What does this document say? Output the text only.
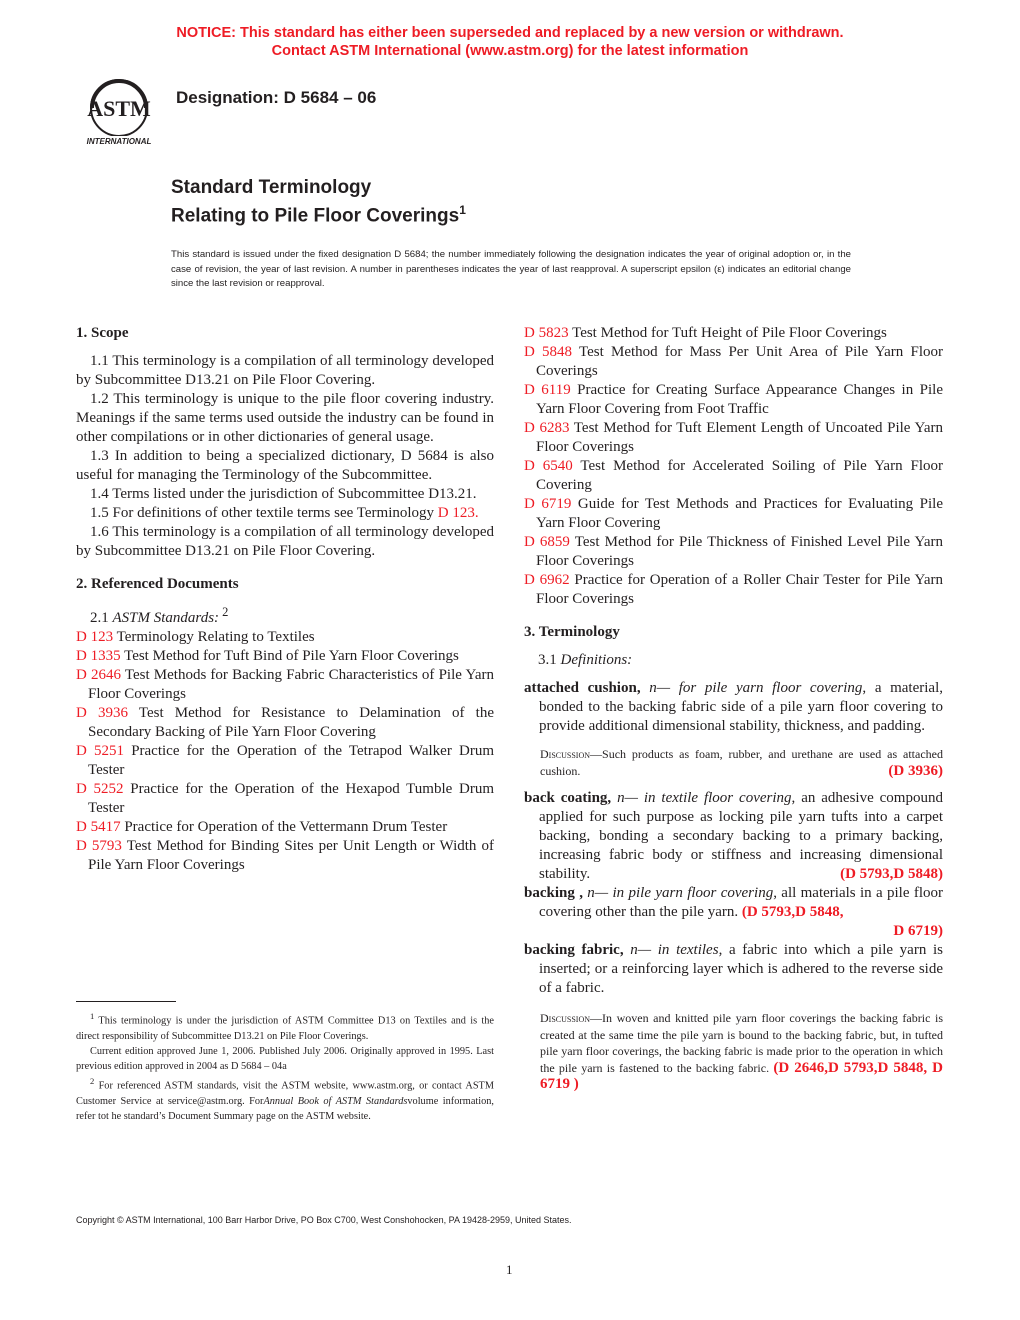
NOTICE: This standard has either been superseded and replaced by a new version or withdrawn.
Contact ASTM International (www.astm.org) for the latest information
ASTM
INTERNATIONAL
Designation: D 5684 – 06
Standard Terminology
Relating to Pile Floor Coverings$^1$
This standard is issued under the fixed designation D 5684; the number immediately following the designation indicates the year of original adoption or, in the case of revision, the year of last revision. A number in parentheses indicates the year of last reapproval. A superscript epsilon (ε) indicates an editorial change since the last revision or reapproval.
1. Scope

1.1 This terminology is a compilation of all terminology developed by Subcommittee D13.21 on Pile Floor Covering.

1.2 This terminology is unique to the pile floor covering industry. Meanings if the same terms used outside the industry can be found in other compilations or in other dictionaries of general usage.

1.3 In addition to being a specialized dictionary, D 5684 is also useful for managing the Terminology of the Subcommittee.

1.4 Terms listed under the jurisdiction of Subcommittee D13.21.

1.5 For definitions of other textile terms see Terminology D 123.

1.6 This terminology is a compilation of all terminology developed by Subcommittee D13.21 on Pile Floor Covering.

2. Referenced Documents

2.1 ASTM Standards: $^2$

D 123 Terminology Relating to Textiles

D 1335 Test Method for Tuft Bind of Pile Yarn Floor Coverings

D 2646 Test Methods for Backing Fabric Characteristics of Pile Yarn Floor Coverings

D 3936 Test Method for Resistance to Delamination of the Secondary Backing of Pile Yarn Floor Covering

D 5251 Practice for the Operation of the Tetrapod Walker Drum Tester

D 5252 Practice for the Operation of the Hexapod Tumble Drum Tester

D 5417 Practice for Operation of the Vettermann Drum Tester

D 5793 Test Method for Binding Sites per Unit Length or Width of Pile Yarn Floor Coverings

D 5823 Test Method for Tuft Height of Pile Floor Coverings

D 5848 Test Method for Mass Per Unit Area of Pile Yarn Floor Coverings

D 6119 Practice for Creating Surface Appearance Changes in Pile Yarn Floor Covering from Foot Traffic

D 6283 Test Method for Tuft Element Length of Uncoated Pile Yarn Floor Coverings

D 6540 Test Method for Accelerated Soiling of Pile Yarn Floor Covering

D 6719 Guide for Test Methods and Practices for Evaluating Pile Yarn Floor Covering

D 6859 Test Method for Pile Thickness of Finished Level Pile Yarn Floor Coverings

D 6962 Practice for Operation of a Roller Chair Tester for Pile Yarn Floor Coverings

3. Terminology

3.1 Definitions:

attached cushion, n— for pile yarn floor covering, a material, bonded to the backing fabric side of a pile yarn floor covering to provide additional dimensional stability, thickness, and padding.

Discussion—Such products as foam, rubber, and urethane are used as attached cushion.	(D 3936)

back coating, n— in textile floor covering, an adhesive compound applied for such purpose as locking pile yarn tufts into a carpet backing, bonding a secondary backing to a primary backing, increasing fabric body or stiffness and increasing dimensional stability.	(D 5793,D 5848)

backing , n— in pile yarn floor covering, all materials in a pile floor covering other than the pile yarn. (D 5793,D 5848,

D 6719)

backing fabric, n— in textiles, a fabric into which a pile yarn is inserted; or a reinforcing layer which is adhered to the reverse side of a fabric.

Discussion—In woven and knitted pile yarn floor coverings the backing fabric is created at the same time the pile yarn is bound to the backing fabric, but, in tufted pile yarn floor coverings, the backing fabric is made prior to the operation in which the pile yarn is fastened to the backing fabric. (D 2646,D 5793,D 5848, D 6719 )

$^1$ This terminology is under the jurisdiction of ASTM Committee D13 on Textiles and is the direct responsibility of Subcommittee D13.21 on Pile Floor Coverings.

Current edition approved June 1, 2006. Published July 2006. Originally approved in 1995. Last previous edition approved in 2004 as D 5684 – 04a

$^2$ For referenced ASTM standards, visit the ASTM website, www.astm.org, or contact ASTM Customer Service at service@astm.org. ForAnnual Book of ASTM Standardsvolume information, refer tot he standard’s Document Summary page on the ASTM website.

Copyright © ASTM International, 100 Barr Harbor Drive, PO Box C700, West Conshohocken, PA 19428-2959, United States.
1
